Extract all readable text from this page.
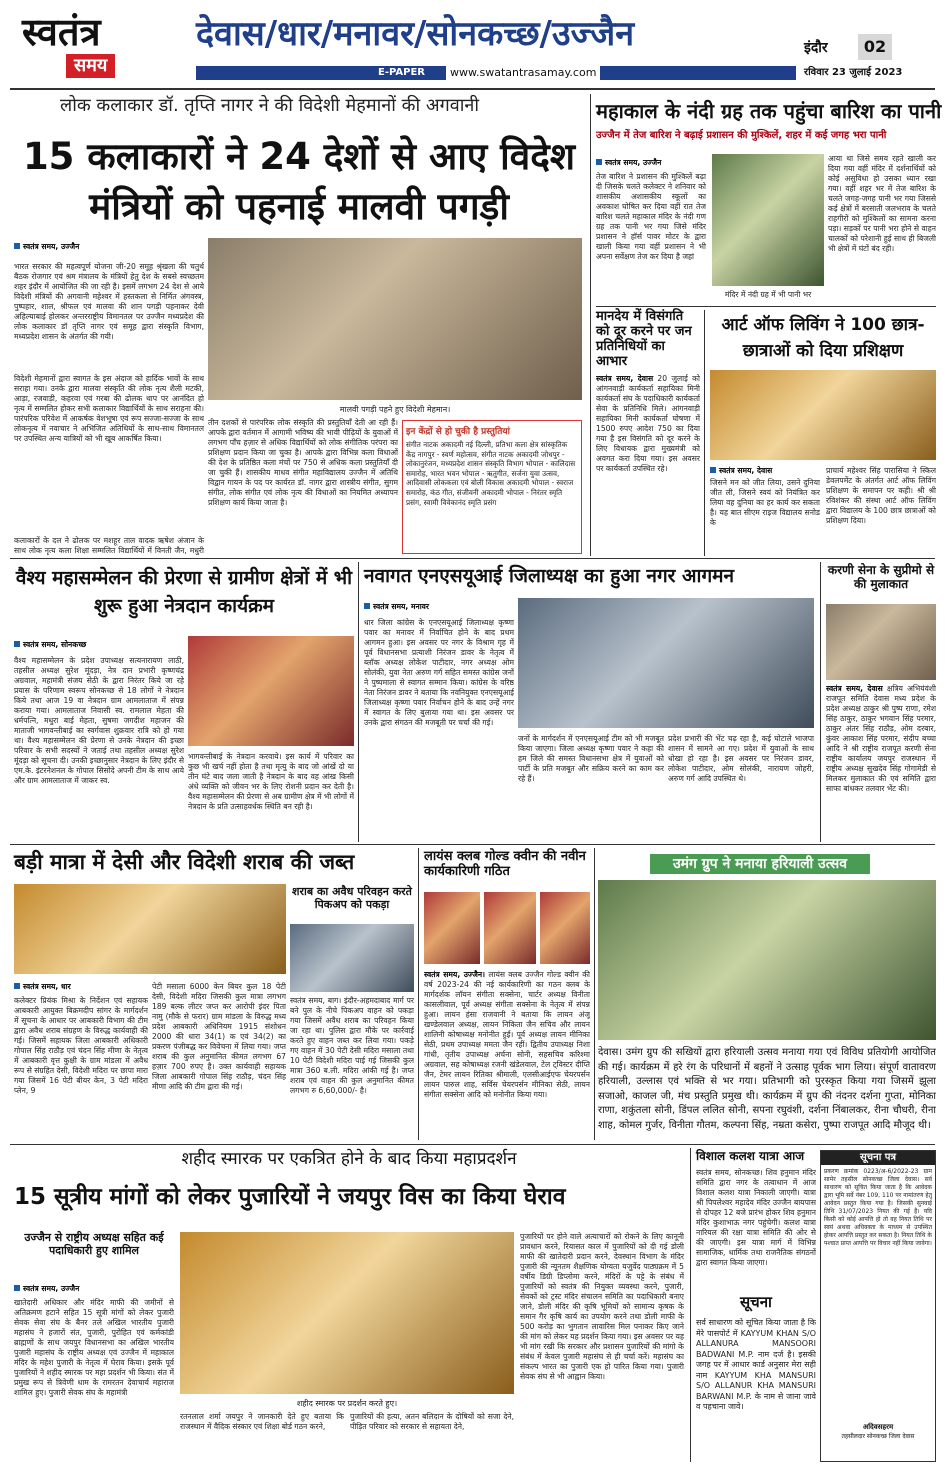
स्वतंत्र
समय
देवास/धार/मनावर/सोनकच्छ/उज्जैन
E-PAPER	www.swatantrasamay.com
इंदौर	02
रविवार 23 जुलाई 2023
लोक कलाकार डॉ. तृप्ति नागर ने की विदेशी मेहमानों की अगवानी
15 कलाकारों ने 24 देशों से आए विदेश मंत्रियों को पहनाई मालवी पगड़ी
स्वतंत्र समय, उज्जैन
भारत सरकार की महत्वपूर्ण योजना जी-20 समूह श्रृंखला की चतुर्थ बैठक रोजगार एवं श्रम मंत्रालय के मंत्रियों हेतु देश के सबसे स्वच्छतम शहर इंदौर में आयोजित की जा रही है। इसमें लगभग 24 देश से आये विदेशी मंत्रियों की अगवानी महेश्वर में हस्तकला से निर्मित अंगवस्त्र, पुष्पहार, शाल, श्रीफल एवं मालवा की शान पगड़ी पहनाकर देवी अहिल्याबाई होलकर अन्तरराष्ट्रीय विमानतल पर उज्जैन मध्यप्रदेश की लोक कलाकार डॉ तृप्ति नागर एवं समूह द्वारा संस्कृति विभाग, मध्यप्रदेश शासन के अंतर्गत की गयी।
विदेशी मेहमानों द्वारा स्वागत के इस अंदाज को हार्दिक भावों के साथ सराहा गया। उनके द्वारा मालवा संस्कृति की लोक नृत्य शैली मटकी, आड़ा, रजवाड़ी, कहरवा एवं गरबा की ढोलक थाप पर आनंदित हो नृत्य में सम्मलित होकर सभी कलाकार विद्यार्थियों के साथ सराहना की। पारंपरिक परिवेश में आकर्षक वेशभूषा एवं रूप सज्जा-सज्जा के साथ लोकनृत्य में नवाचार ने अभिजित अतिथियों के साथ-साथ विमानतल पर उपस्थित अन्य यात्रियों को भी खूब आकर्षित किया।
कलाकारों के दल ने ढोलक पर मशहूर ताल वादक ऋषेश अंजान के साथ लोक नृत्य कला शिक्षा सम्मलित विद्यार्थियों में विनती जैन, मधुरी
मालवी पगड़ी पहने हुए विदेशी मेहमान।
तीन दशकों से पारंपरिक लोक संस्कृति की प्रस्तुतियाँ देती आ रही हैं। आपके द्वारा वर्तमान में आगामी भविष्य की भावी पीढ़ियों के युवाओं में लगभग पाँच हज़ार से अधिक विद्यार्थियों को लोक संगीतिक परंपरा का प्रशिक्षण प्रदान किया जा चुका है। आपके द्वारा विभिन्न कला विधाओं की देश के प्रतिष्ठित कला मंचों पर 750 से अधिक कला प्रस्तुतियाँ दी जा चुकी हैं। शासकीय माधव संगीत महाविद्यालय उज्जैन में अतिथि विद्वान गायन के पद पर कार्यरत डॉ. नागर द्वारा शास्त्रीय संगीत, सुगम संगीत, लोक संगीत एवं लोक नृत्य की विधाओं का नियमित अध्यापन प्रशिक्षण कार्य किया जाता है।
इन केंद्रों से हो चुकी है प्रस्तुतियां
संगीत नाटक अकादमी नई दिल्ली, प्रतिभा कला क्षेत्र सांस्कृतिक केंद्र नागपुर - स्वर्ण महोत्सव, संगीत नाटक अकादमी जोधपुर - लोकानुरंजन, मध्यप्रदेश शासन संस्कृति विभाग भोपाल - कालिदास समारोह, भारत भवन भोपाल - ऋतुगीत, सर्जना युवा उत्सव, आदिवासी लोककला एवं बोली विकास अकादमी भोपाल - स्वराज समारोह, कंठ गीत, संजीवनी अकादमी भोपाल - निरंतर स्मृति प्रसंग, स्वामी विवेकानंद स्मृति प्रसंग
महाकाल के नंदी ग्रह तक पहुंचा बारिश का पानी
उज्जैन में तेज बारिश ने बढ़ाई प्रशासन की मुश्किलें, शहर में कई जगह भरा पानी
स्वतंत्र समय, उज्जैन
तेज बारिश ने प्रशासन की मुश्किलें बढ़ा दी जिसके चलते कलेक्टर ने शनिवार को शासकीय अशासकीय स्कूलों का अवकाश घोषित कर दिया वहीं रात तेज बारिश चलते महाकाल मंदिर के नंदी गण ग्रह तक पानी भर गया जिसे मंदिर प्रशासन ने हॉर्स पावर मोटर के द्वारा खाली किया गया वहीं प्रशासन ने भी अपना सर्वेक्षण तेज कर दिया है जहां
मंदिर में नंदी ग्रह में भी पानी भर
आया था जिसे समय रहते खाली कर दिया गया वहीं मंदिर में दर्शनार्थियों को कोई असुविधा हो उसका ध्यान रखा गया। वहीं शहर भर में तेज बारिश के चलते जगह-जगह पानी भर गया जिससे कई क्षेत्रों में बरसाती जलभराव के चलते राहगीरों को मुश्किलों का सामना करना पड़ा। सड़कों पर पानी भरा होने से वाहन चालकों को परेशानी हुई साथ ही बिजली भी क्षेत्रों में घंटों बंद रही।
मानदेय में विसंगति को दूर करने पर जन प्रतिनिधियों का आभार
स्वतंत्र समय, देवास 20 जुलाई को आंगनवाड़ी कार्यकर्ता सहायिका मिनी कार्यकर्ता संघ के पदाधिकारी कार्यकर्ता सेवा के प्रतिनिधि मिले। आंगनवाड़ी सहायिका मिनी कार्यकर्ता घोषणा में 1500 रुपए आदेश 750 का दिया गया है इस विसंगति को दूर करने के लिए विधायक द्वारा मुख्यमंत्री को अवगत करा दिया गया। इस अवसर पर कार्यकर्ता उपस्थित रहे।
आर्ट ऑफ लिविंग ने 100 छात्र-छात्राओं को दिया प्रशिक्षण
स्वतंत्र समय, देवास
जिसने मन को जीत लिया, उसने दुनिया जीत ली, जिसने स्वयं को नियंत्रित कर लिया वह दुनिया का हर कार्य कर सकता है। यह बात सीएम राइज विद्यालय सनोड के
प्राचार्य महेश्वर सिंह पारासिया ने स्किल डेवलपमेंट के अंतर्गत आर्ट ऑफ लिविंग प्रशिक्षण के समापन पर कही। श्री श्री रविशंकर की संस्था आर्ट ऑफ लिविंग द्वारा विद्यालय के 100 छात्र छात्राओं को प्रशिक्षण दिया।
वैश्य महासम्मेलन की प्रेरणा से ग्रामीण क्षेत्रों में भी शुरू हुआ नेत्रदान कार्यक्रम
स्वतंत्र समय, सोनकच्छ
वैश्य महासम्मेलन के प्रदेश उपाध्यक्ष सत्यनारायण लाठी, तहसील अध्यक्ष सुरेश मूंदड़ा, नेत्र दान प्रभारी कृष्णचंद्र अग्रवाल, महामंत्री संजय सेठी के द्वारा निरंतर किये जा रहे प्रयास के परिणाम स्वरूप सोनकच्छ से 18 लोगों ने नेत्रदान किये तथा आज 19 वा नेत्रदान ग्राम आमलाताज में संपन्न कराया गया। आमलाताज निवासी स्व. रामलाल मेहता की धर्मपत्नि, मधुरा बाई मेहता, सुषमा जगदीश महाजन की माताजी भागवन्तीबाई का स्वर्गवास शुक्रवार रात्रि को हो गया था। वैश्य महासम्मेलन की प्रेरणा से उनके नेत्रदान की इच्छा परिवार के सभी सदस्यों ने जताई तथा तहसील अध्यक्ष सुरेश मूंदड़ा को सूचना दी। उनकी इच्छानुसार नेत्रदान के लिए इंदौर से एम.के. इंटरनेशनल के गोपाल सिसोदे अपनी टीम के साथ आये और ग्राम आमलाताज में जाकर स्व.
भागवन्तीबाई के नेत्रदान करवाये। इस कार्य में परिवार का कुछ भी खर्च नहीं होता है तथा मृत्यु के बाद जो आंखें दो या तीन घंटे बाद जला जाती है नेत्रदान के बाद वह आंख किसी अंधे व्यक्ति को जीवन भर के लिए रोशनी प्रदान कर देती है। वैश्य महासम्मेलन की प्रेरणा से अब ग्रामीण क्षेत्र में भी लोगों में नेत्रदान के प्रति उत्साहवर्धक स्थिति बन रही है।
नवागत एनएसयूआई जिलाध्यक्ष का हुआ नगर आगमन
स्वतंत्र समय, मनावर
धार जिला कांग्रेस के एनएसयूआई जिलाध्यक्ष कृष्णा पवार का मनावर में निर्वाचित होने के बाद प्रथम आगमन हुआ। इस अवसर पर नगर के विश्राम गृह में पूर्व विधानसभा प्रत्याशी निरंजन डावर के नेतृत्व में ब्लॉक अध्यक्ष लोकेश पाटीदार, नगर अध्यक्ष ओम सोलंकी, युवा नेता अरुण गर्ग सहित समस्त कांग्रेस जनों ने पुष्पमाला से स्वागत सम्मान किया। कांग्रेस के वरिष्ठ नेता निरंजन डावर ने बताया कि नवनियुक्त एनएसयूआई जिलाध्यक्ष कृष्णा पवार निर्वाचन होने के बाद उन्हें नगर में स्वागत के लिए बुलाया गया था। इस अवसर पर उनके द्वारा संगठन की मजबूती पर चर्चा की गई।
जनों के मार्गदर्शन में एनएसयूआई टीम को भी मजबूत किया जाएगा। जिला अध्यक्ष कृष्णा पवार ने कहा की हम जिले की समस्त विधानसभा क्षेत्र में युवाओं को पार्टी के प्रति मजबूत और सक्रिय करने का काम कर रहे हैं।
प्रदेश प्रभारी की भेंट चढ़ रहा है, कई घोटाले भाजपा शासन में सामने आ गए। प्रदेश में युवाओं के साथ धोखा हो रहा है। इस अवसर पर निरंजन डावर, लोकेश पाटीदार, ओम सोलंकी, नारायण जोहरी, अरुण गर्ग आदि उपस्थित थे।
करणी सेना के सुप्रीमो से की मुलाकात
स्वतंत्र समय, देवास क्षत्रिय अभियंवंशी राजपूत समिति देवास मध्य प्रदेश के प्रदेश अध्यक्ष ठाकुर श्री पुष्प राणा, रमेश सिंह ठाकुर, ठाकुर भगवान सिंह परमार, ठाकुर अंतर सिंह राठौड़, ओम दरबार, कुंवर आकाश सिंह परमार, संदीप बच्चा आदि ने श्री राष्ट्रीय राजपूत करणी सेना राष्ट्रीय कार्यालय जयपुर राजस्थान में राष्ट्रीय अध्यक्ष सुखदेव सिंह गोगामेडी से मिलकर मुलाकात की एवं समिति द्वारा साफा बांधकर तलवार भेंट की।
बड़ी मात्रा में देसी और विदेशी शराब की जब्त
स्वतंत्र समय, धार
कलेक्टर प्रियंक मिश्रा के निर्देशन एवं सहायक आबकारी आयुक्त बिक्रमदीप सांगर के मार्गदर्शन में सूचना के आधार पर आबकारी विभाग की टीम द्वारा अवैध शराब संग्रहण के विरुद्ध कार्यवाही की गई। जिसमें सहायक जिला आबकारी अधिकारी गोपाल सिंह राठौड़ एवं चंदन सिंह मीणा के नेतृत्व में आबकारी वृत्त कुक्षी के ग्राम मांडला में अवैध रूप से संग्रहित देसी, विदेशी मदिरा पर छापा मारा गया जिसमें 16 पेटी बीयर केन, 3 पेटी मदिरा प्लेन, 9
पेटी मसाला 6000 केन बियर कुल 18 पेटी देसी, विदेशी मदिरा जिसकी कुल मात्रा लगभग 189 बल्क लीटर जप्त कर आरोपी इंदर पिता नामु (मौके से फरार) ग्राम मांडला के विरुद्ध मध्य प्रदेश आबकारी अधिनियम 1915 संशोधन 2000 की धारा 34(1) क एवं 34(2) का प्रकरण पंजीबद्ध कर विवेचना में लिया गया। जप्त शराब की कुल अनुमानित कीमत लगभग 67 हज़ार 700 रुपए है। उक्त कार्यवाही सहायक जिला आबकारी गोपाल सिंह राठौड़, चंदन सिंह मीणा आदि की टीम द्वारा की गई।
शराब का अवैध परिवहन करते पिकअप को पकड़ा
स्वतंत्र समय, बाग। इंदौर-अहमदाबाद मार्ग पर बने पुल के नीचे पिकअप वाहन को पकड़ा गया जिसमें अवैध शराब का परिवहन किया जा रहा था। पुलिस द्वारा मौके पर कार्रवाई करते हुए वाहन जब्त कर लिया गया। पकड़े गए वाहन में 30 पेटी देसी मदिरा मसाला तथा 10 पेटी विदेशी मदिरा पाई गई जिसकी कुल मात्रा 360 ब.ली. मदिरा आंकी गई है। जप्त शराब एवं वाहन की कुल अनुमानित कीमत लगभग रु 6,60,000/- है।
लायंस क्लब गोल्ड क्वीन की नवीन कार्यकारिणी गठित
स्वतंत्र समय, उज्जैन। लायंस क्लब उज्जैन गोल्ड क्वीन की वर्ष 2023-24 की नई कार्यकारिणी का गठन क्लब के मार्गदर्शक लॉयन संगीता सक्सेना, चार्टर अध्यक्ष विनीता कासलीवाल, पूर्व अध्यक्ष संगीता सक्सेना के नेतृत्व में संपन्न हुआ। लायन हंसा राजवानी ने बताया कि लायन अंजू खण्डेलवाल अध्यक्ष, लायन निकिता जैन सचिव और लायन शालिनी कोषाध्यक्ष मनोनीत हुईं। पूर्व अध्यक्ष लायन मीनिका सेठी, प्रथम उपाध्यक्ष ममता जैन रहीं। द्वितीय उपाध्यक्ष निशा गांधी, तृतीय उपाध्यक्ष अर्चना सोनी, सहसचिव करिश्मा अग्रवाल, सह कोषाध्यक्ष रजनी खंडेलवाल, टेल ट्विस्टर दीप्ति जैन, टेमर लायन रितिका श्रीमाली, एलसीआईएफ चेयरपर्सन लायन पारुल शाह, सर्विस चेयरपर्सन मीनिका सेठी, लायन संगीता सक्सेना आदि को मनोनीत किया गया।
उमंग ग्रुप ने मनाया हरियाली उत्सव
देवास। उमंग ग्रुप की सखियों द्वारा हरियाली उत्सव मनाया गया एवं विविध प्रतियोगी आयोजित की गई। कार्यक्रम में हरे रंग के परिधानों में बहनों ने उत्साह पूर्वक भाग लिया। संपूर्ण वातावरण हरियाली, उल्लास एवं भक्ति से भर गया। प्रतिभागी को पुरस्कृत किया गया जिसमें झूला सजाओ, काजल जी, मंच प्रस्तुति प्रमुख थी। कार्यक्रम में ग्रुप की नंदनर दर्शना गुप्ता, मोनिका राणा, शकुंतला सोनी, डिंपल ललित सोनी, सपना रघुवंशी, दर्शना निंबालकर, रीना चौधरी, रीना शाह, कोमल गुर्जर, विनीता गौतम, कल्पना सिंह, नम्रता कसेरा, पुष्पा राजपूत आदि मौजूद थी।
शहीद स्मारक पर एकत्रित होने के बाद किया महाप्रदर्शन
15 सूत्रीय मांगों को लेकर पुजारियों ने जयपुर विस का किया घेराव
उज्जैन से राष्ट्रीय अध्यक्ष सहित कई पदाधिकारी हुए शामिल
स्वतंत्र समय, उज्जैन
खातेदारी अधिकार और मंदिर माफी की जमीनों से अतिक्रमण हटाने सहित 15 सूत्री मांगों को लेकर पुजारी सेवक सेवा संघ के बैनर तले अखिल भारतीय पुजारी महासंघ ने हजारों संत, पुजारी, पुरोहित एवं कर्मकांडी ब्राह्मणों के साथ जयपुर विधानसभा का अखिल भारतीय पुजारी महासंघ के राष्ट्रीय अध्यक्ष एवं उज्जैन में महाकाल मंदिर के महेश पुजारी के नेतृत्व में घेराव किया। इसके पूर्व पुजारियों ने शहीद स्मारक पर महा प्रदर्शन भी किया। संत में प्रमुख रूप से त्रिवेणी धाम के रामरतन देवाचार्य महाराज शामिल हुए। पुजारी सेवक संघ के महामंत्री
शहीद स्मारक पर प्रदर्शन करते हुए।
रतनलाल शर्मा जयपुर ने जानकारी देते हुए बताया कि राजस्थान में वैदिक संस्कार एवं शिक्षा बोर्ड गठन करने,
पुजारियों की हत्या, अतन बलिदान के दोषियों को सजा देने, पीड़ित परिवार को सरकार से सहायता देने,
पुजारियों पर होने वाले अत्याचारों को रोकने के लिए कानूनी प्रावधान करने, रियासत काल में पुजारियों को दी गई डोली माफी की खातेदारी प्रदान करने, देवस्थान विभाग के मंदिर पुजारी की न्यूनतम शैक्षणिक योग्यता यजुर्वेद पाठ्यक्रम में 5 वर्षीय डिग्री डिप्लोमा करने, मंदिरों के पट्टे के संबंध में पुजारियों को स्वतंत्र की नियुक्त व्यवस्था करने, पुजारी, सेवकों को ट्रस्ट मंदिर संचालन समिति का पदाधिकारी बनाए जाने, डोली मंदिर की कृषि भूमियों को सामान्य कृषक के समान गैर कृषि कार्य का उपयोग करने तथा डोली माफी के 500 करोड़ का भुगतान लावारिस मिल पनाकर किए जाने की मांग को लेकर यह प्रदर्शन किया गया। इस अवसर पर यह भी मांग रखी कि सरकार और प्रशासन पुजारियों की मांगो के संबंध में केवल पुजारी महासंघ से ही चर्चा करें। महासंघ का संकल्प भारत का पुजारी एक हो पारित किया गया। पुजारी सेवक संघ से भी आह्वान किया।
विशाल कलश यात्रा आज
स्वतंत्र समय, सोनकच्छ। शिव हनुमान मंदिर समिति द्वारा नगर के तत्वाधान में आज विशाल कलश यात्रा निकाली जाएगी। यात्रा श्री पिपलेश्वर महादेव मंदिर उज्जैन बायपास से दोपहर 12 बजे प्रारंभ होकर शिव हनुमान मंदिर कुशाभाऊ नगर पहुंचेगी। कलश यात्रा नारियल की रक्षा यात्रा समिति की ओर से की जाएगी। इस यात्रा मार्ग में विभिन्न सामाजिक, धार्मिक तथा राजनैतिक संगठनों द्वारा स्वागत किया जाएगा।
सूचना
सर्व साधारण को सूचित किया जाता है कि मेरे पासपोर्ट में KAYYUM KHAN S/O ALLANURA MANSOORI BADWANI M.P. नाम दर्ज है। इसकी जगह पर में आधार कार्ड अनुसार मेरा सही नाम KAYYUM KHA MANSURI S/O ALLANUR KHA MANSURI BARWANI M.P. के नाम से जाना जावे व पहचाना जावे।
सूचना पत्र
प्रकरण क्रमांक 0223/अ-6/2022-23 ग्राम सामेर तहसील सोनकच्छ जिला देवास। सर्व साधारण को सूचित किया जाता है कि आवेदक द्वारा भूमि सर्वे नंबर 109, 110 पर नामांतरण हेतु आवेदन प्रस्तुत किया गया है। जिसकी सुनवाई तिथि 31/07/2023 नियत की गई है। यदि किसी को कोई आपत्ति हो तो वह नियत तिथि पर स्वयं अथवा अधिवक्ता के माध्यम से उपस्थित होकर आपत्ति प्रस्तुत कर सकता है। नियत तिथि के पश्चात प्राप्त आपत्ति पर विचार नहीं किया जावेगा।
अदिवसहरम
तहसीलदार सोनकच्छ जिला देवास
